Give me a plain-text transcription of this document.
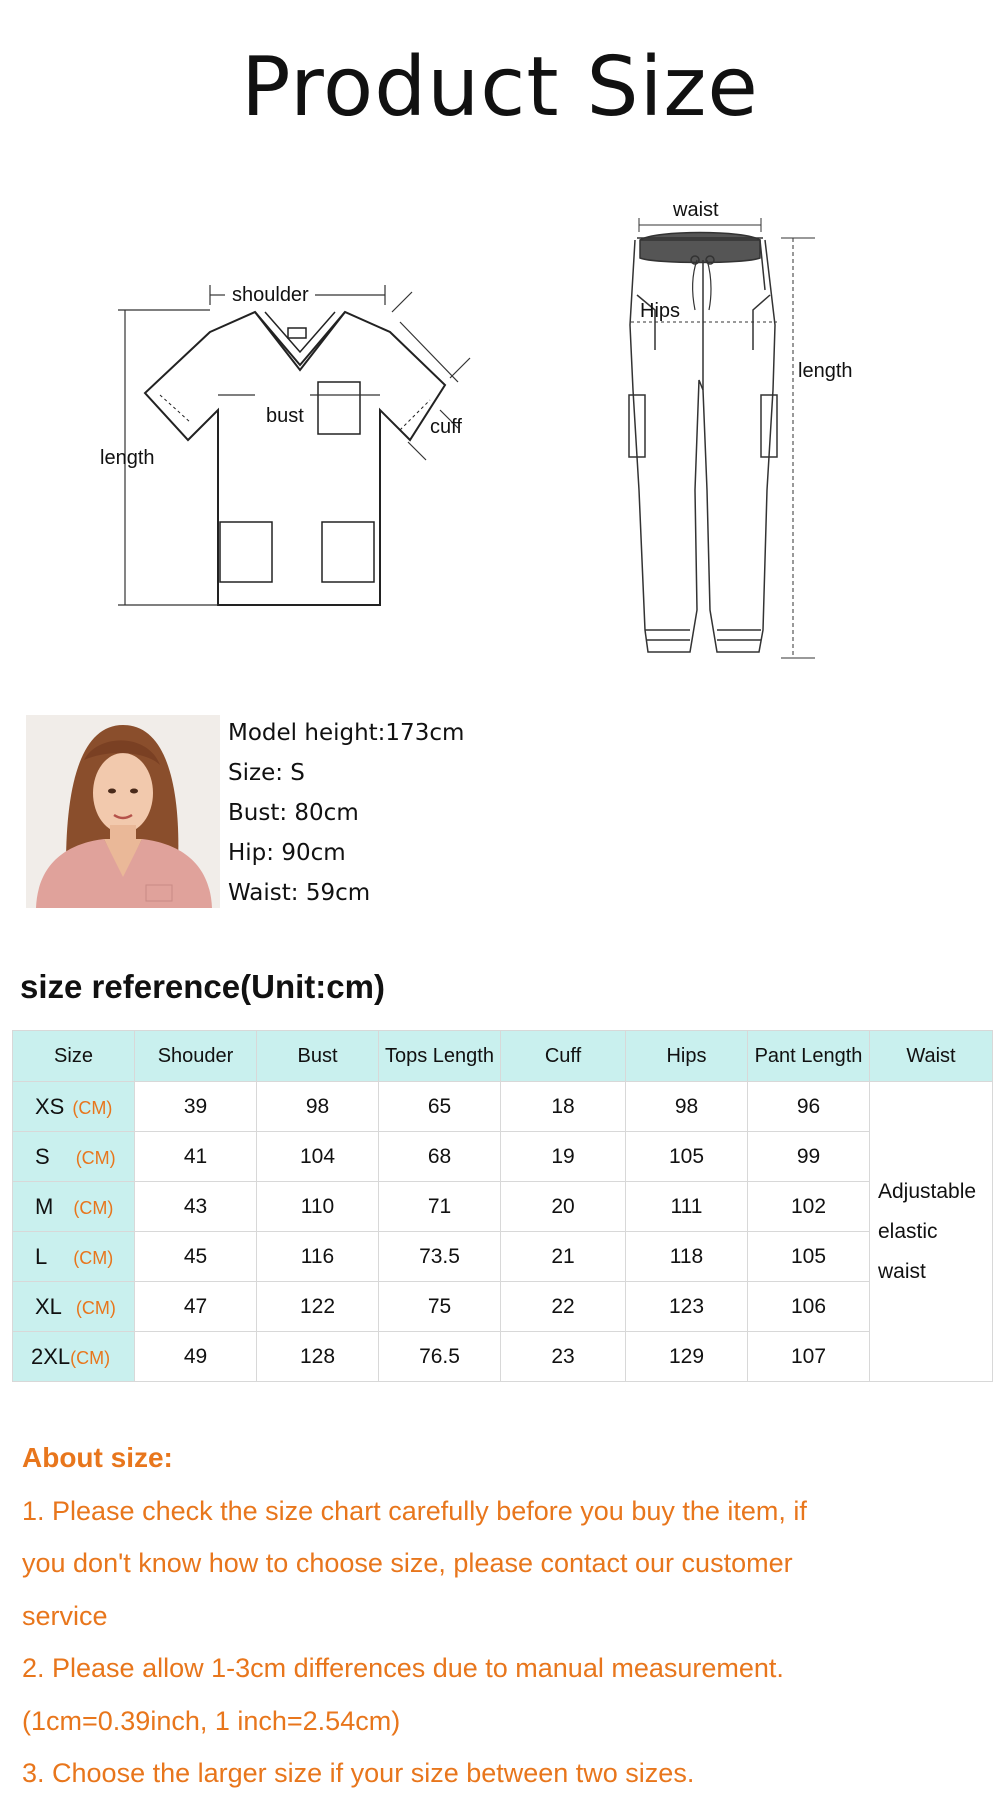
Product Size
shoulder
bust	cuff
length
waist
Hips
length
Model height:173cm
Size: S
Bust: 80cm
Hip: 90cm
Waist: 59cm
size reference(Unit:cm)
Size	Shouder	Bust	Tops Length	Cuff	Hips	Pant Length	Waist
XS (CM)	39	98	65	18	98	96	Adjustable
elastic
waist

S (CM)	41	104	68	19	105	99	
M (CM)	43	110	71	20	111	102	
L (CM)	45	116	73.5	21	118	105	
XL (CM)	47	122	75	22	123	106	
2XL(CM)	49	128	76.5	23	129	107	
About size:
1. Please check the size chart carefully before you buy the item, if
you don't know how to choose size, please contact our customer
service
2. Please allow 1-3cm differences due to manual measurement.
(1cm=0.39inch, 1 inch=2.54cm)
3. Choose the larger size if your size between two sizes.
